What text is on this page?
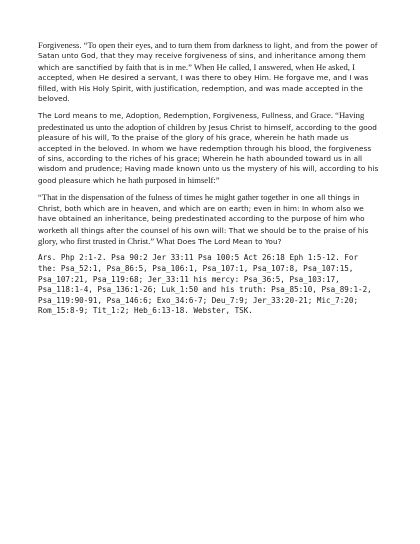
Forgiveness. “To open their eyes, and to turn them from darkness to light, and from the power of Satan unto God, that they may receive forgiveness of sins, and inheritance among them which are sanctified by faith that is in me.” When He called, I answered, when He asked, I accepted, when He desired a servant, I was there to obey Him. He forgave me, and I was filled, with His Holy Spirit, with justification, redemption, and was made accepted in the beloved.

The Lord means to me, Adoption, Redemption, Forgiveness, Fullness, and Grace. “Having predestinated us unto the adoption of children by Jesus Christ to himself, according to the good pleasure of his will, To the praise of the glory of his grace, wherein he hath made us accepted in the beloved. In whom we have redemption through his blood, the forgiveness of sins, according to the riches of his grace; Wherein he hath abounded toward us in all wisdom and prudence; Having made known unto us the mystery of his will, according to his good pleasure which he hath purposed in himself:”

“That in the dispensation of the fulness of times he might gather together in one all things in Christ, both which are in heaven, and which are on earth; even in him: In whom also we have obtained an inheritance, being predestinated according to the purpose of him who worketh all things after the counsel of his own will: That we should be to the praise of his glory, who first trusted in Christ.” What Does The Lord Mean to You?

Ars. Php 2:1-2. Psa 90:2 Jer 33:11 Psa 100:5 Act 26:18 Eph 1:5-12. For the: Psa_52:1, Psa_86:5, Psa_106:1, Psa_107:1, Psa_107:8, Psa_107:15, Psa_107:21, Psa_119:68; Jer_33:11 his mercy: Psa_36:5, Psa_103:17, Psa_118:1-4, Psa_136:1-26; Luk_1:50 and his truth: Psa_85:10, Psa_89:1-2, Psa_119:90-91, Psa_146:6; Exo_34:6-7; Deu_7:9; Jer_33:20-21; Mic_7:20; Rom_15:8-9; Tit_1:2; Heb_6:13-18. Webster, TSK.
